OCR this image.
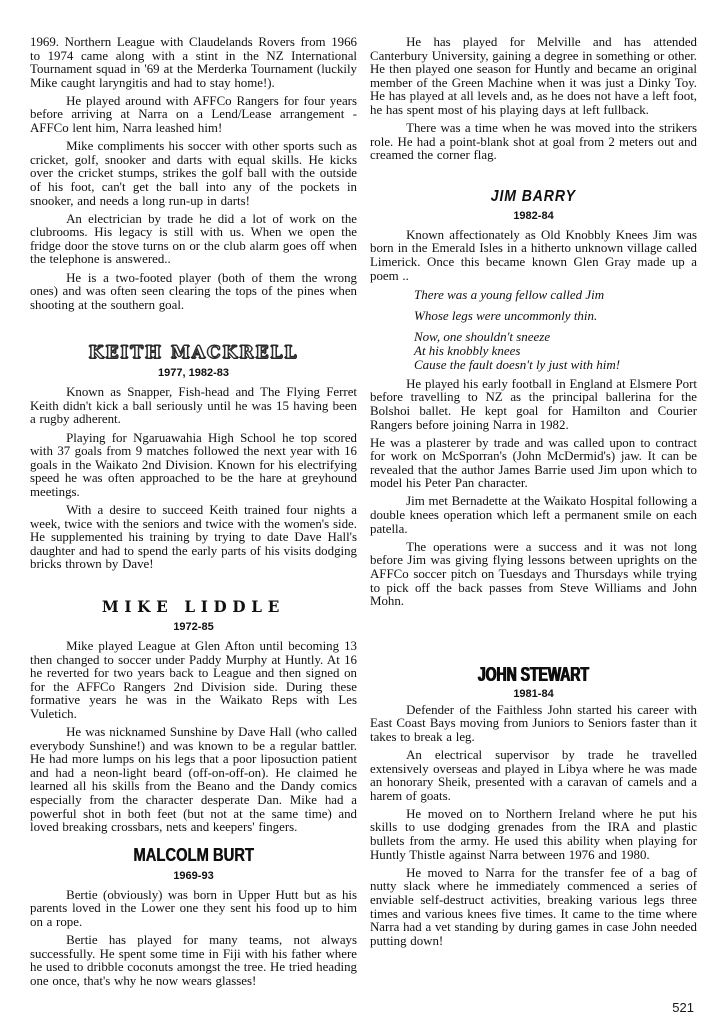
1969. Northern League with Claudelands Rovers from 1966 to 1974 came along with a stint in the NZ International Tournament squad in '69 at the Merderka Tournament (luckily Mike caught laryngitis and had to stay home!).

He played around with AFFCo Rangers for four years before arriving at Narra on a Lend/Lease arrangement - AFFCo lent him, Narra leashed him!

Mike compliments his soccer with other sports such as cricket, golf, snooker and darts with equal skills. He kicks over the cricket stumps, strikes the golf ball with the outside of his foot, can't get the ball into any of the pockets in snooker, and needs a long run-up in darts!

An electrician by trade he did a lot of work on the clubrooms. His legacy is still with us. When we open the fridge door the stove turns on or the club alarm goes off when the telephone is answered..

He is a two-footed player (both of them the wrong ones) and was often seen clearing the tops of the pines when shooting at the southern goal.

KEITH MACKRELL
1977, 1982-83

Known as Snapper, Fish-head and The Flying Ferret Keith didn't kick a ball seriously until he was 15 having been a rugby adherent.

Playing for Ngaruawahia High School he top scored with 37 goals from 9 matches followed the next year with 16 goals in the Waikato 2nd Division. Known for his electrifying speed he was often approached to be the hare at greyhound meetings.

With a desire to succeed Keith trained four nights a week, twice with the seniors and twice with the women's side. He supplemented his training by trying to date Dave Hall's daughter and had to spend the early parts of his visits dodging bricks thrown by Dave!

MIKE LIDDLE
1972-85

Mike played League at Glen Afton until becoming 13 then changed to soccer under Paddy Murphy at Huntly. At 16 he reverted for two years back to League and then signed on for the AFFCo Rangers 2nd Division side. During these formative years he was in the Waikato Reps with Les Vuletich.

He was nicknamed Sunshine by Dave Hall (who called everybody Sunshine!) and was known to be a regular battler. He had more lumps on his legs that a poor liposuction patient and had a neon-light beard (off-on-off-on). He claimed he learned all his skills from the Beano and the Dandy comics especially from the character desperate Dan. Mike had a powerful shot in both feet (but not at the same time) and loved breaking crossbars, nets and keepers' fingers.

MALCOLM BURT
1969-93

Bertie (obviously) was born in Upper Hutt but as his parents loved in the Lower one they sent his food up to him on a rope.

Bertie has played for many teams, not always successfully. He spent some time in Fiji with his father where he used to dribble coconuts amongst the tree. He tried heading one once, that's why he now wears glasses!

He has played for Melville and has attended Canterbury University, gaining a degree in something or other. He then played one season for Huntly and became an original member of the Green Machine when it was just a Dinky Toy. He has played at all levels and, as he does not have a left foot, he has spent most of his playing days at left fullback.

There was a time when he was moved into the strikers role. He had a point-blank shot at goal from 2 meters out and creamed the corner flag.

JIM BARRY
1982-84

Known affectionately as Old Knobbly Knees Jim was born in the Emerald Isles in a hitherto unknown village called Limerick. Once this became known Glen Gray made up a poem ..

There was a young fellow called Jim
Whose legs were uncommonly thin.
Now, one shouldn't sneeze
At his knobbly knees
Cause the fault doesn't ly just with him!

He played his early football in England at Elsmere Port before travelling to NZ as the principal ballerina for the Bolshoi ballet. He kept goal for Hamilton and Courier Rangers before joining Narra in 1982.

He was a plasterer by trade and was called upon to contract for work on McSporran's (John McDermid's) jaw. It can be revealed that the author James Barrie used Jim upon which to model his Peter Pan character.

Jim met Bernadette at the Waikato Hospital following a double knees operation which left a permanent smile on each patella.

The operations were a success and it was not long before Jim was giving flying lessons between uprights on the AFFCo soccer pitch on Tuesdays and Thursdays while trying to pick off the back passes from Steve Williams and John Mohn.

JOHN STEWART
1981-84

Defender of the Faithless John started his career with East Coast Bays moving from Juniors to Seniors faster than it takes to break a leg.

An electrical supervisor by trade he travelled extensively overseas and played in Libya where he was made an honorary Sheik, presented with a caravan of camels and a harem of goats.

He moved on to Northern Ireland where he put his skills to use dodging grenades from the IRA and plastic bullets from the army. He used this ability when playing for Huntly Thistle against Narra between 1976 and 1980.

He moved to Narra for the transfer fee of a bag of nutty slack where he immediately commenced a series of enviable self-destruct activities, breaking various legs three times and various knees five times. It came to the time where Narra had a vet standing by during games in case John needed putting down!

521
